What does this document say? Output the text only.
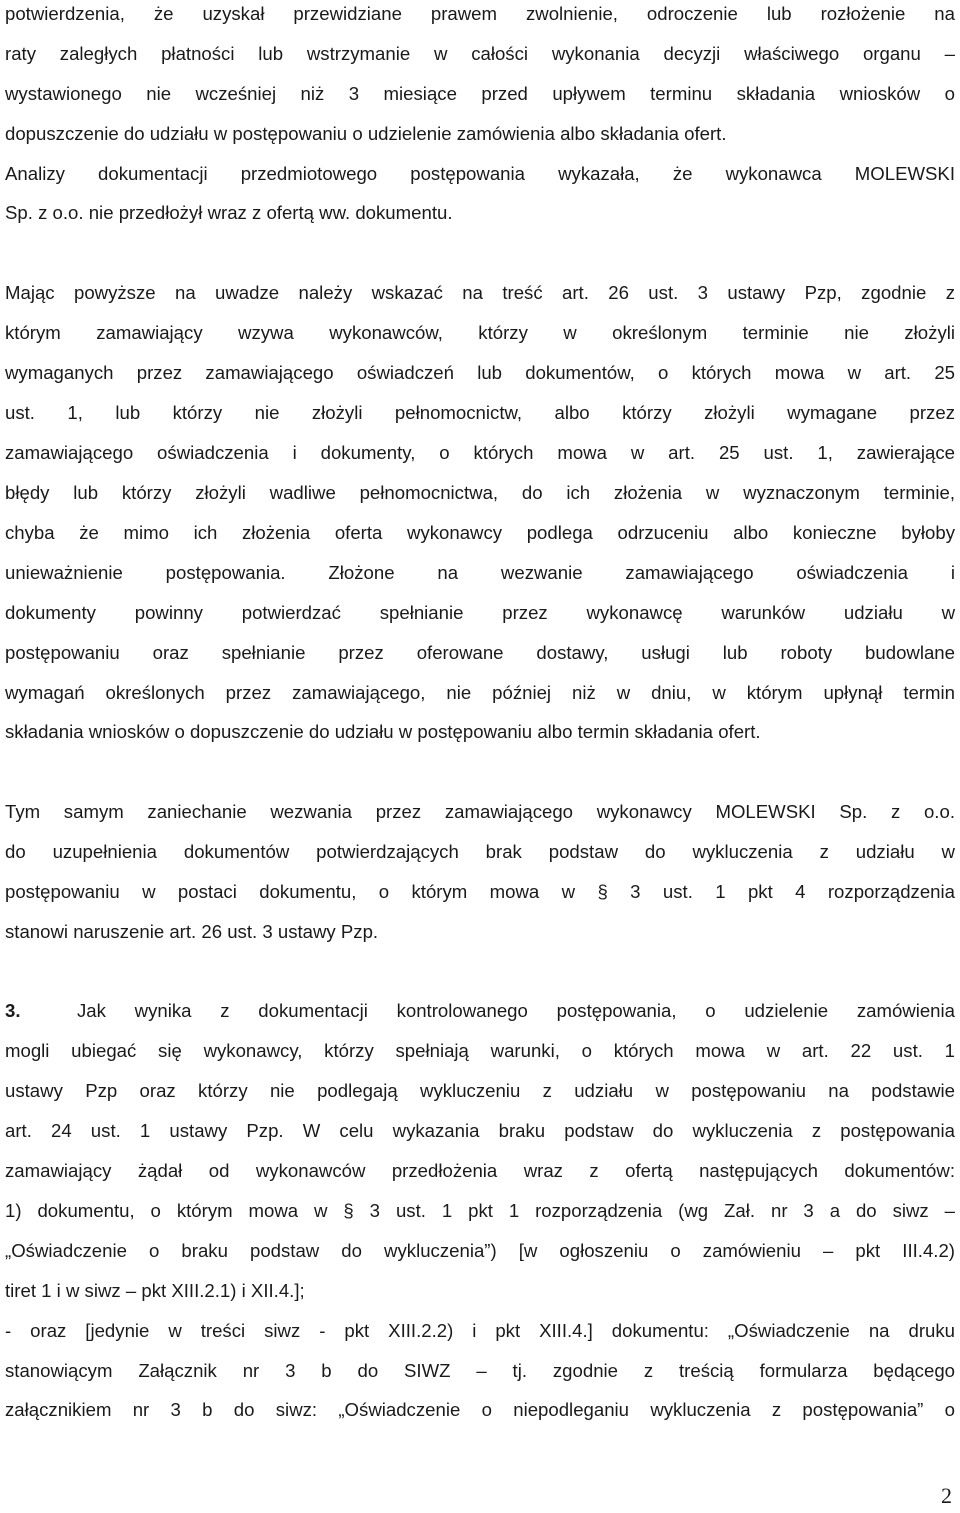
potwierdzenia, że uzyskał przewidziane prawem zwolnienie, odroczenie lub rozłożenie na
raty zaległych płatności lub wstrzymanie w całości wykonania decyzji właściwego organu –
wystawionego nie wcześniej niż 3 miesiące przed upływem terminu składania wniosków o
dopuszczenie do udziału w postępowaniu o udzielenie zamówienia albo składania ofert.
Analizy dokumentacji przedmiotowego postępowania wykazała, że wykonawca MOLEWSKI
Sp. z o.o. nie przedłożył wraz z ofertą ww. dokumentu.
Mając powyższe na uwadze należy wskazać na treść art. 26 ust. 3 ustawy Pzp, zgodnie z
którym zamawiający wzywa wykonawców, którzy w określonym terminie nie złożyli
wymaganych przez zamawiającego oświadczeń lub dokumentów, o których mowa w art. 25
ust. 1, lub którzy nie złożyli pełnomocnictw, albo którzy złożyli wymagane przez
zamawiającego oświadczenia i dokumenty, o których mowa w art. 25 ust. 1, zawierające
błędy lub którzy złożyli wadliwe pełnomocnictwa, do ich złożenia w wyznaczonym terminie,
chyba że mimo ich złożenia oferta wykonawcy podlega odrzuceniu albo konieczne byłoby
unieważnienie postępowania. Złożone na wezwanie zamawiającego oświadczenia i
dokumenty powinny potwierdzać spełnianie przez wykonawcę warunków udziału w
postępowaniu oraz spełnianie przez oferowane dostawy, usługi lub roboty budowlane
wymagań określonych przez zamawiającego, nie później niż w dniu, w którym upłynął termin
składania wniosków o dopuszczenie do udziału w postępowaniu albo termin składania ofert.
Tym samym zaniechanie wezwania przez zamawiającego wykonawcy MOLEWSKI Sp. z o.o.
do uzupełnienia dokumentów potwierdzających brak podstaw do wykluczenia z udziału w
postępowaniu w postaci dokumentu, o którym mowa w § 3 ust. 1 pkt 4 rozporządzenia
stanowi naruszenie art. 26 ust. 3 ustawy Pzp.
3.	Jak wynika z dokumentacji kontrolowanego postępowania, o udzielenie zamówienia
mogli ubiegać się wykonawcy, którzy spełniają warunki, o których mowa w art. 22 ust. 1
ustawy Pzp oraz którzy nie podlegają wykluczeniu z udziału w postępowaniu na podstawie
art. 24 ust. 1 ustawy Pzp. W celu wykazania braku podstaw do wykluczenia z postępowania
zamawiający żądał od wykonawców przedłożenia wraz z ofertą następujących dokumentów:
1) dokumentu, o którym mowa w § 3 ust. 1 pkt 1 rozporządzenia (wg Zał. nr 3 a do siwz –
„Oświadczenie o braku podstaw do wykluczenia”) [w ogłoszeniu o zamówieniu – pkt III.4.2)
tiret 1 i w siwz – pkt XIII.2.1) i XII.4.];
- oraz [jedynie w treści siwz - pkt XIII.2.2) i pkt XIII.4.] dokumentu: „Oświadczenie na druku
stanowiącym Załącznik nr 3 b do SIWZ – tj. zgodnie z treścią formularza będącego
załącznikiem nr 3 b do siwz: „Oświadczenie o niepodleganiu wykluczenia z postępowania” o
2
